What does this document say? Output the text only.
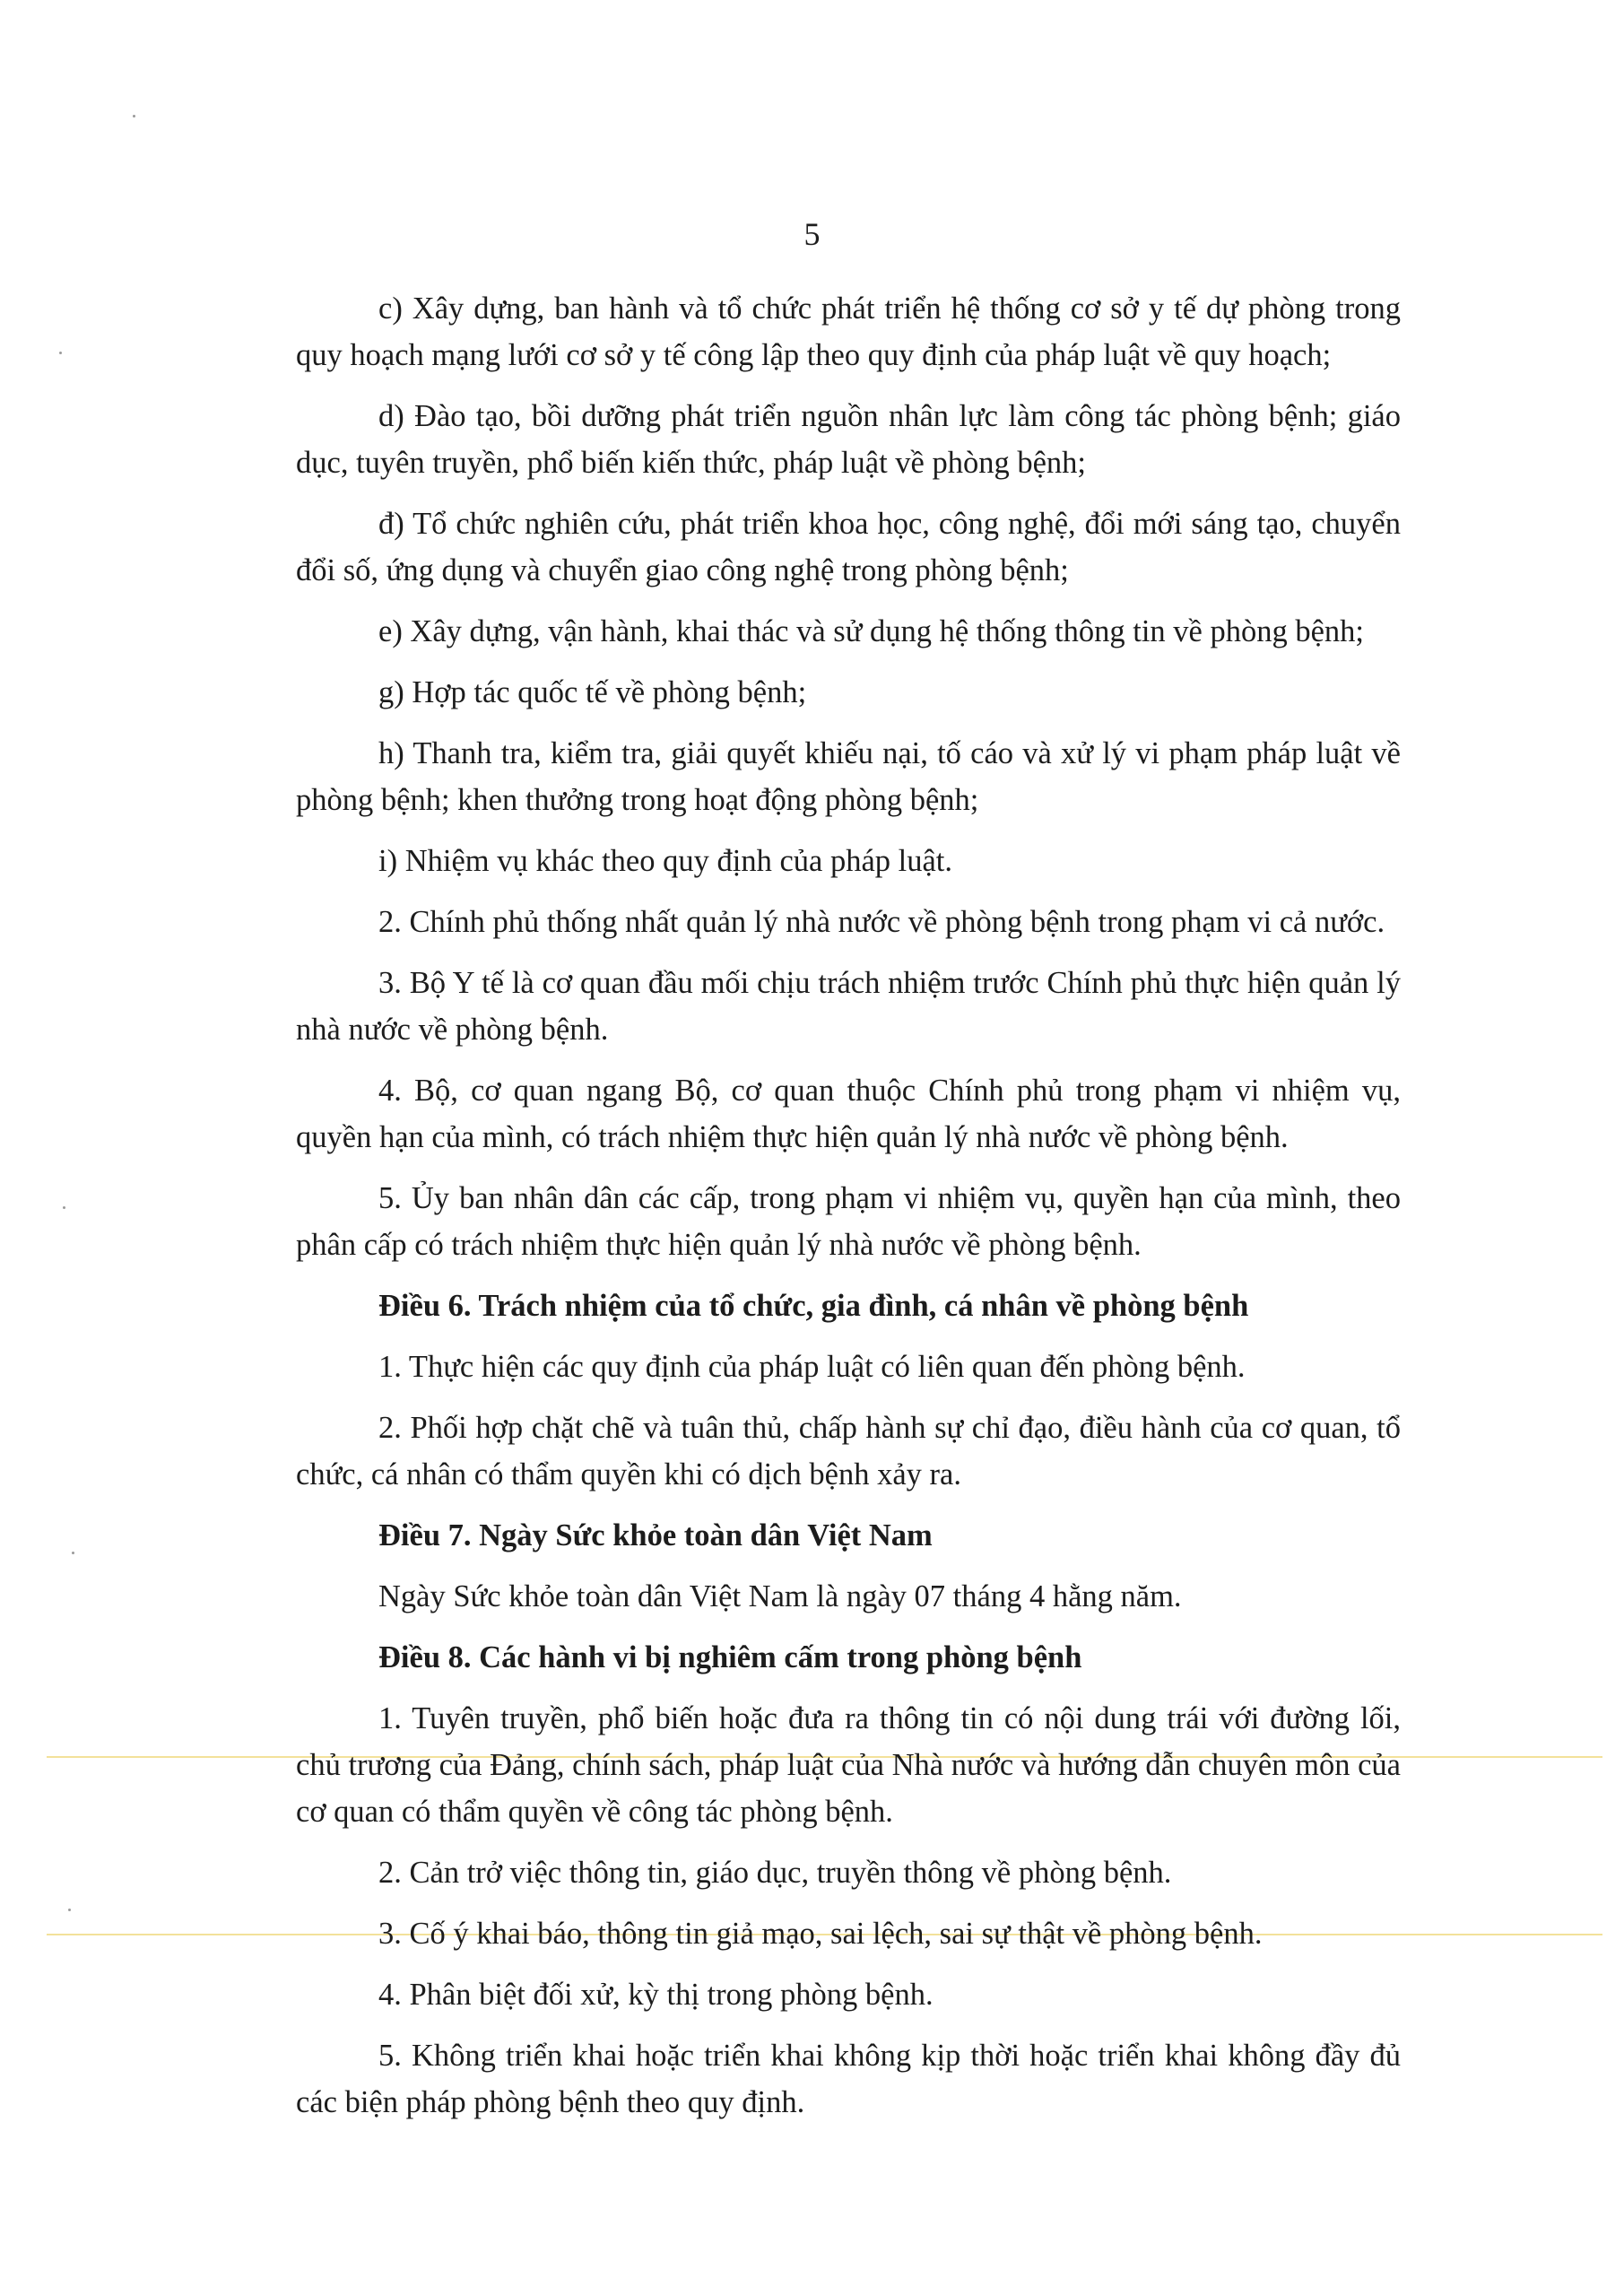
5

c) Xây dựng, ban hành và tổ chức phát triển hệ thống cơ sở y tế dự phòng trong quy hoạch mạng lưới cơ sở y tế công lập theo quy định của pháp luật về quy hoạch;

d) Đào tạo, bồi dưỡng phát triển nguồn nhân lực làm công tác phòng bệnh; giáo dục, tuyên truyền, phổ biến kiến thức, pháp luật về phòng bệnh;

đ) Tổ chức nghiên cứu, phát triển khoa học, công nghệ, đổi mới sáng tạo, chuyển đổi số, ứng dụng và chuyển giao công nghệ trong phòng bệnh;

e) Xây dựng, vận hành, khai thác và sử dụng hệ thống thông tin về phòng bệnh;

g) Hợp tác quốc tế về phòng bệnh;

h) Thanh tra, kiểm tra, giải quyết khiếu nại, tố cáo và xử lý vi phạm pháp luật về phòng bệnh; khen thưởng trong hoạt động phòng bệnh;

i) Nhiệm vụ khác theo quy định của pháp luật.

2. Chính phủ thống nhất quản lý nhà nước về phòng bệnh trong phạm vi cả nước.

3. Bộ Y tế là cơ quan đầu mối chịu trách nhiệm trước Chính phủ thực hiện quản lý nhà nước về phòng bệnh.

4. Bộ, cơ quan ngang Bộ, cơ quan thuộc Chính phủ trong phạm vi nhiệm vụ, quyền hạn của mình, có trách nhiệm thực hiện quản lý nhà nước về phòng bệnh.

5. Ủy ban nhân dân các cấp, trong phạm vi nhiệm vụ, quyền hạn của mình, theo phân cấp có trách nhiệm thực hiện quản lý nhà nước về phòng bệnh.

Điều 6. Trách nhiệm của tổ chức, gia đình, cá nhân về phòng bệnh

1. Thực hiện các quy định của pháp luật có liên quan đến phòng bệnh.

2. Phối hợp chặt chẽ và tuân thủ, chấp hành sự chỉ đạo, điều hành của cơ quan, tổ chức, cá nhân có thẩm quyền khi có dịch bệnh xảy ra.

Điều 7. Ngày Sức khỏe toàn dân Việt Nam

Ngày Sức khỏe toàn dân Việt Nam là ngày 07 tháng 4 hằng năm.

Điều 8. Các hành vi bị nghiêm cấm trong phòng bệnh

1. Tuyên truyền, phổ biến hoặc đưa ra thông tin có nội dung trái với đường lối, chủ trương của Đảng, chính sách, pháp luật của Nhà nước và hướng dẫn chuyên môn của cơ quan có thẩm quyền về công tác phòng bệnh.

2. Cản trở việc thông tin, giáo dục, truyền thông về phòng bệnh.

3. Cố ý khai báo, thông tin giả mạo, sai lệch, sai sự thật về phòng bệnh.

4. Phân biệt đối xử, kỳ thị trong phòng bệnh.

5. Không triển khai hoặc triển khai không kịp thời hoặc triển khai không đầy đủ các biện pháp phòng bệnh theo quy định.
